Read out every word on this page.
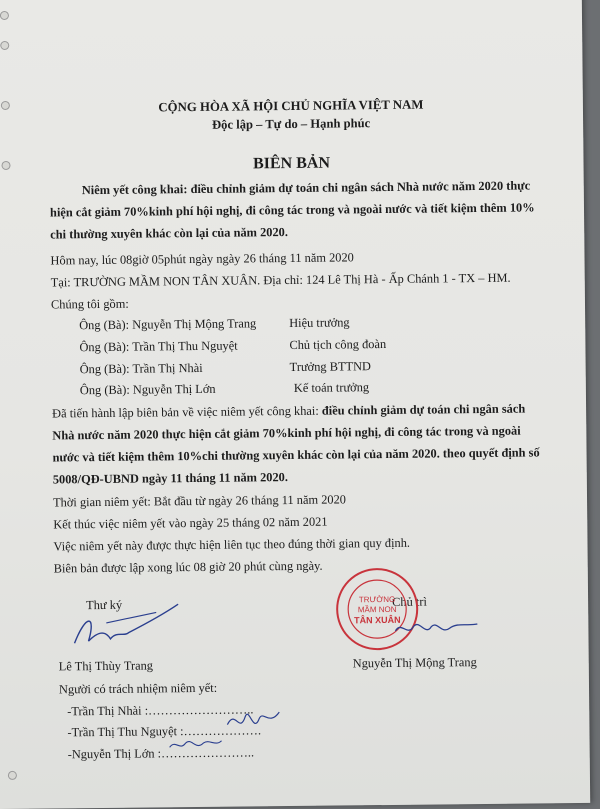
CỘNG HÒA XÃ HỘI CHỦ NGHĨA VIỆT NAM
Độc lập – Tự do – Hạnh phúc
BIÊN BẢN
Niêm yết công khai: điều chỉnh giảm dự toán chi ngân sách Nhà nước năm 2020 thực
hiện cắt giảm 70%kinh phí hội nghị, đi công tác trong và ngoài nước và tiết kiệm thêm 10%
chi thường xuyên khác còn lại của năm 2020.
Hôm nay, lúc 08giờ 05phút ngày ngày 26 tháng 11 năm 2020
Tại: TRƯỜNG MẦM NON TÂN XUÂN. Địa chỉ: 124 Lê Thị Hà - Ấp Chánh 1 - TX – HM.
Chúng tôi gồm:
Ông (Bà): Nguyễn Thị Mộng Trang	Hiệu trưởng
Ông (Bà): Trần Thị Thu Nguyệt	Chủ tịch công đoàn
Ông (Bà): Trần Thị Nhài	Trưởng BTTND
Ông (Bà): Nguyễn Thị Lớn	Kế toán trưởng
Đã tiến hành lập biên bản về việc niêm yết công khai: điều chỉnh giảm dự toán chi ngân sách
Nhà nước năm 2020 thực hiện cắt giảm 70%kinh phí hội nghị, đi công tác trong và ngoài
nước và tiết kiệm thêm 10%chi thường xuyên khác còn lại của năm 2020. theo quyết định số
5008/QĐ-UBND ngày 11 tháng 11 năm 2020.
Thời gian niêm yết: Bắt đầu từ ngày 26 tháng 11 năm 2020
Kết thúc việc niêm yết vào ngày 25 tháng 02 năm 2021
Việc niêm yết này được thực hiện liên tục theo đúng thời gian quy định.
Biên bản được lập xong lúc 08 giờ 20 phút cùng ngày.
Thư ký	Chủ trì
TRƯỜNG
MẦM NON
TÂN XUÂN
Lê Thị Thùy Trang	Nguyễn Thị Mộng Trang
Người có trách nhiệm niêm yết:
-Trần Thị Nhài :……………………..
-Trần Thị Thu Nguyệt :……………….
-Nguyễn Thị Lớn :…………………..
